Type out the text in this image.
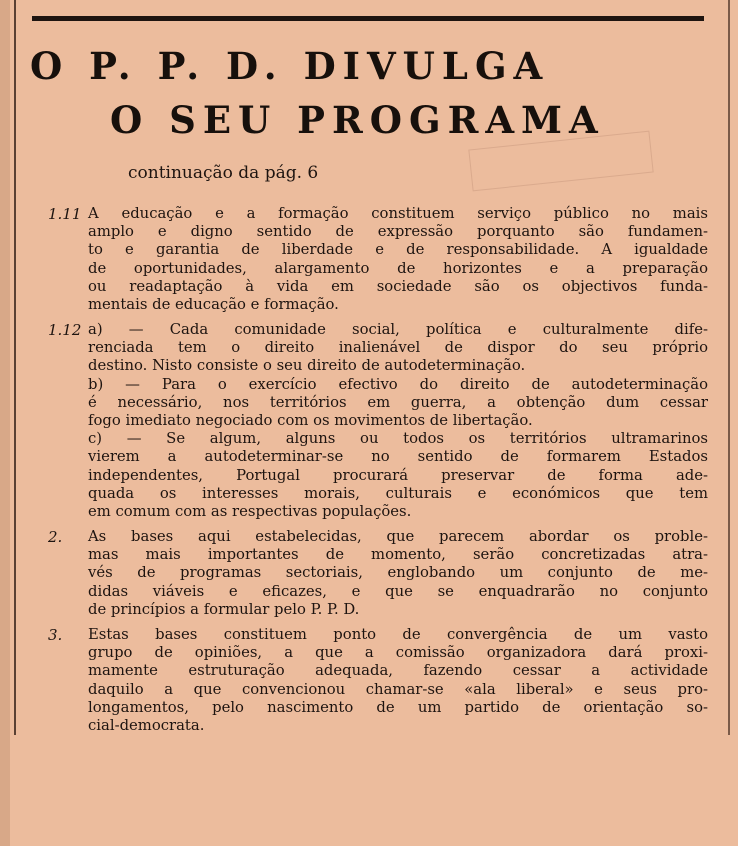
O P. P. D. DIVULGA
O SEU PROGRAMA
continuação da pág. 6
1.11 A educação e a formação constituem serviço público no mais
amplo e digno sentido de expressão porquanto são fundamen-
to e garantia de liberdade e de responsabilidade. A igualdade
de oportunidades, alargamento de horizontes e a preparação
ou readaptação à vida em sociedade são os objectivos funda-
mentais de educação e formação.
1.12 a) — Cada comunidade social, política e culturalmente dife-
renciada tem o direito inalienável de dispor do seu próprio
destino. Nisto consiste o seu direito de autodeterminação.
b) — Para o exercício efectivo do direito de autodeterminação
é necessário, nos territórios em guerra, a obtenção dum cessar
fogo imediato negociado com os movimentos de libertação.
c) — Se algum, alguns ou todos os territórios ultramarinos
vierem a autodeterminar-se no sentido de formarem Estados
independentes, Portugal procurará preservar de forma ade-
quada os interesses morais, culturais e económicos que tem
em comum com as respectivas populações.
2. As bases aqui estabelecidas, que parecem abordar os proble-
mas mais importantes de momento, serão concretizadas atra-
vés de programas sectoriais, englobando um conjunto de me-
didas viáveis e eficazes, e que se enquadrarão no conjunto
de princípios a formular pelo P. P. D.
3. Estas bases constituem ponto de convergência de um vasto
grupo de opiniões, a que a comissão organizadora dará proxi-
mamente estruturação adequada, fazendo cessar a actividade
daquilo a que convencionou chamar-se «ala liberal» e seus pro-
longamentos, pelo nascimento de um partido de orientação so-
cial-democrata.
